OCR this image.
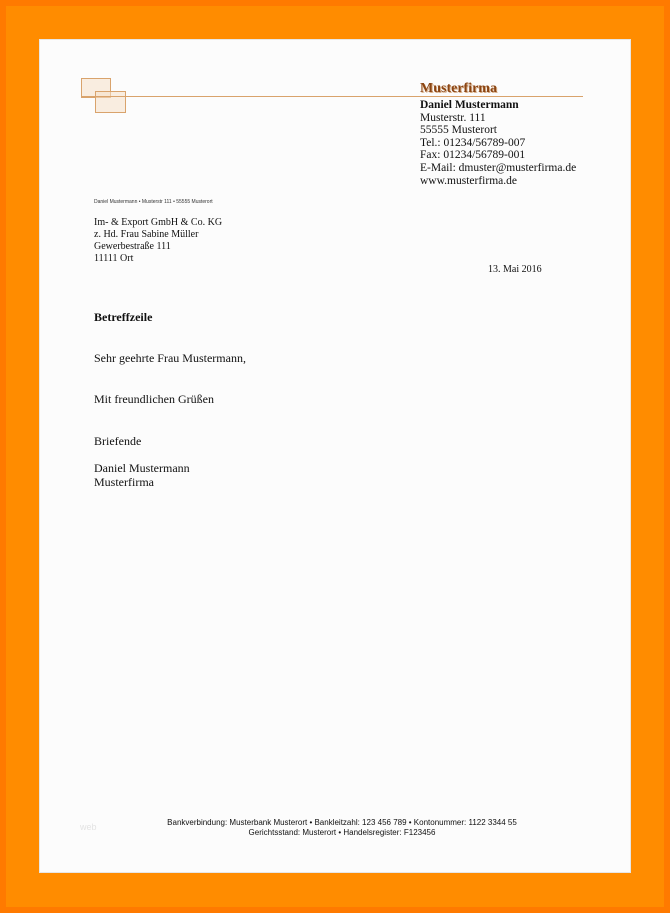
Musterfirma
Daniel Mustermann
Musterstr. 111
55555 Musterort
Tel.: 01234/56789-007
Fax: 01234/56789-001
E-Mail: dmuster@musterfirma.de
www.musterfirma.de
Daniel Mustermann • Musterstr 111 • 55555 Musterort
Im- & Export GmbH & Co. KG
z. Hd. Frau Sabine Müller
Gewerbestraße 111
11111 Ort
13. Mai 2016
Betreffzeile
Sehr geehrte Frau Mustermann,
Mit freundlichen Grüßen
Briefende
Daniel Mustermann
Musterfirma
web	Bankverbindung: Musterbank Musterort • Bankleitzahl: 123 456 789 • Kontonummer: 1122 3344 55
Gerichtsstand: Musterort • Handelsregister: F123456
